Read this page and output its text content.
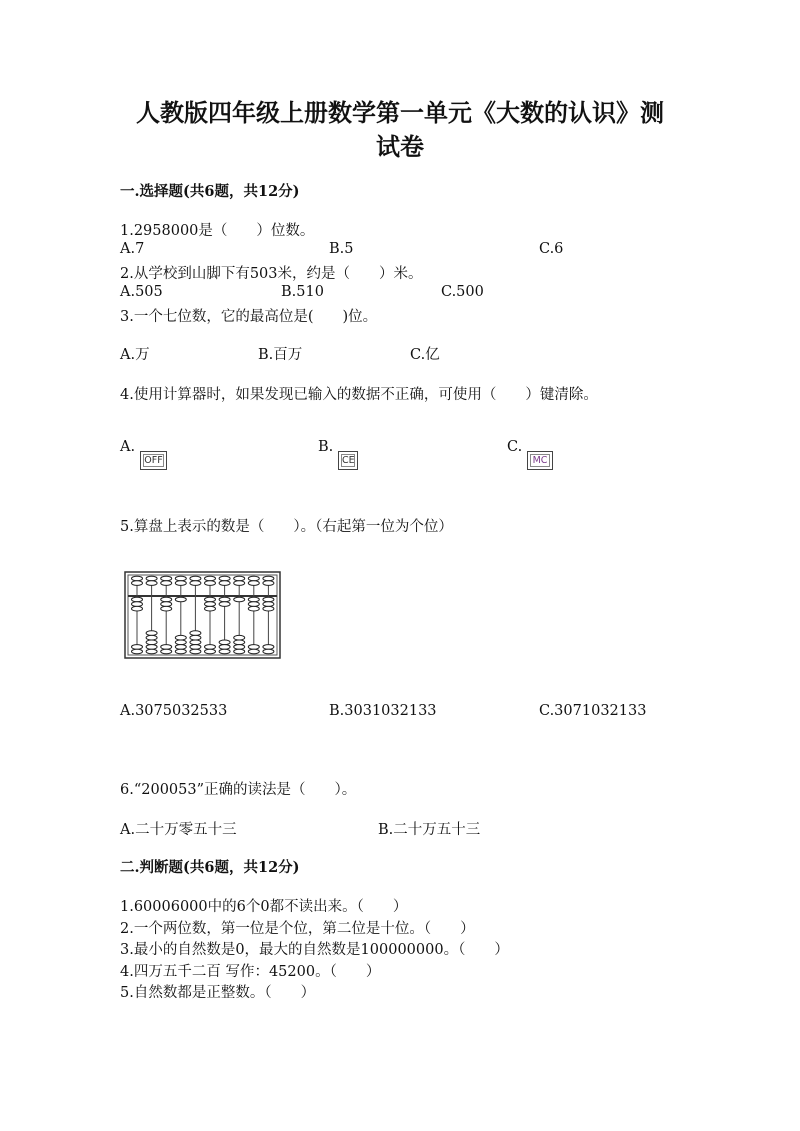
人教版四年级上册数学第一单元《大数的认识》测
试卷
一.选择题(共6题，共12分)
1.2958000是（　　）位数。
A.7	B.5	C.6
2.从学校到山脚下有503米，约是（　　）米。
A.505	B.510	C.500
3.一个七位数，它的最高位是(　　)位。
A.万	B.百万	C.亿
4.使用计算器时，如果发现已输入的数据不正确，可使用（　　）键清除。
A.
OFF
B.
CE
C.
MC
5.算盘上表示的数是（　　）。（右起第一位为个位）
A.3075032533	B.3031032133	C.3071032133
6.“200053”正确的读法是（　　）。
A.二十万零五十三	B.二十万五十三
二.判断题(共6题，共12分)
1.60006000中的6个0都不读出来。（　　）
2.一个两位数，第一位是个位，第二位是十位。（　　）
3.最小的自然数是0，最大的自然数是100000000。（　　）
4.四万五千二百 写作：45200。（　　）
5.自然数都是正整数。（　　）
